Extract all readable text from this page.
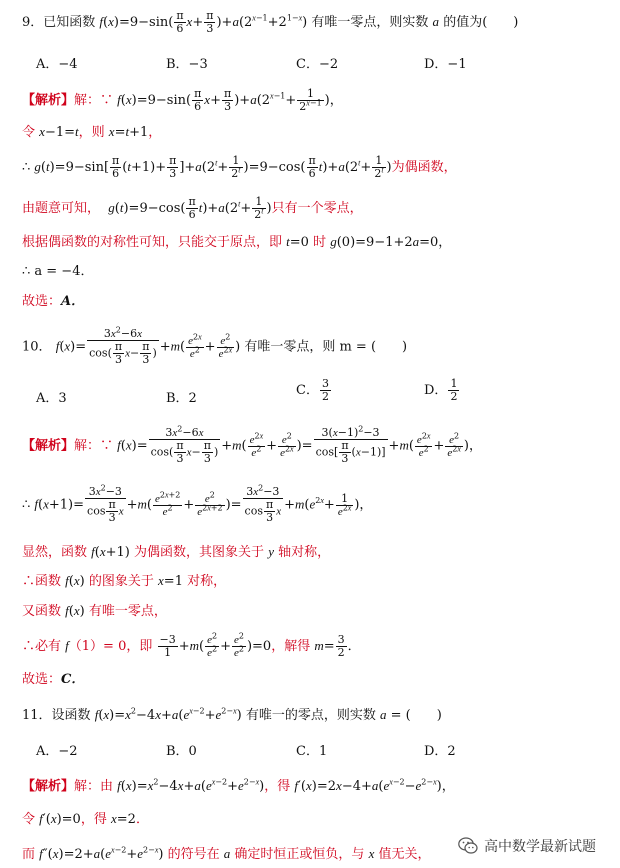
9．已知函数 $f(x)=9-\sin( \frac{\pi}{6} x+ \frac{\pi}{3} )+a(2^{x-1}+2^{1-x})$ 有唯一零点，则实数 a 的值为(　　)
A．−4	B．−3	C．−2	D．−1
【解析】解：∵ $f(x)=9-\sin( \frac{\pi}{6} x+ \frac{\pi}{3} )+a(2^{x-1}+ \frac{1}{2^{x-1}}$ )，
令 x−1=t，则 x=t+1，
∴ $g(t)=9-\sin[ \frac{\pi}{6} (t+1)+ \frac{\pi}{3} ]+a(2^t+ \frac{1}{2^t} )=9-\cos( \frac{\pi}{6} t)+a(2^t+ \frac{1}{2^t}$ )为偶函数，
由题意可知， $g(t)=9-\cos( \frac{\pi}{6} t)+a(2^t+ \frac{1}{2^t}$ )只有一个零点，
根据偶函数的对称性可知，只能交于原点，即 t=0 时 g(0)=9−1+2a=0，
∴ a = −4．
故选：A．
10． $f(x)= \frac{3x^2-6x}{\cos( \frac{\pi}{3} x- \frac{\pi}{3} )} +m( \frac{e^{2x}}{e^2} + \frac{e^2}{e^{2x}}$ ) 有唯一零点，则 m = (　　)
A．3	B．2
C． $\frac{3}{2}$	D． $\frac{1}{2}$
【解析】解：∵ $f(x)= \frac{3x^2-6x}{\cos( \frac{\pi}{3} x- \frac{\pi}{3} )} +m( \frac{e^{2x}}{e^2} + \frac{e^2}{e^{2x}}$ )= $\frac{3(x-1)^2-3}{\cos[ \frac{\pi}{3} (x-1)]} +m( \frac{e^{2x}}{e^2} + \frac{e^2}{e^{2x}}$ )，
∴ $f(x+1)= \frac{3x^2-3}{\cos \frac{\pi}{3} x} +m( \frac{e^{2x+2}}{e^2} + \frac{e^2}{e^{2x+2}}$ )= $\frac{3x^2-3}{\cos \frac{\pi}{3} x} +m(e^{2x}+ \frac{1}{e^{2x}}$ )，
显然，函数 f(x+1) 为偶函数，其图象关于 y 轴对称，
∴函数 f(x) 的图象关于 x=1 对称，
又函数 f(x) 有唯一零点，
∴必有 f（1）= 0，即 $\frac{-3}{1} +m( \frac{e^2}{e^2} + \frac{e^2}{e^2} )=0$，解得 $m= \frac{3}{2}$ ．
故选：C．
11．设函数 $f(x)=x^2-4x+a(e^{x-2}+e^{2-x})$ 有唯一的零点，则实数 a = (　　)
A．−2	B．0	C．1	D．2
【解析】解：由 $f(x)=x^2-4x+a(e^{x-2}+e^{2-x})$，得 $f'(x)=2x-4+a(e^{x-2}-e^{2-x})$，
令 f′(x)=0，得 x=2．
而 $f''(x)=2+a(e^{x-2}+e^{2-x})$ 的符号在 a 确定时恒正或恒负，与 x 值无关，	高中数学最新试题
